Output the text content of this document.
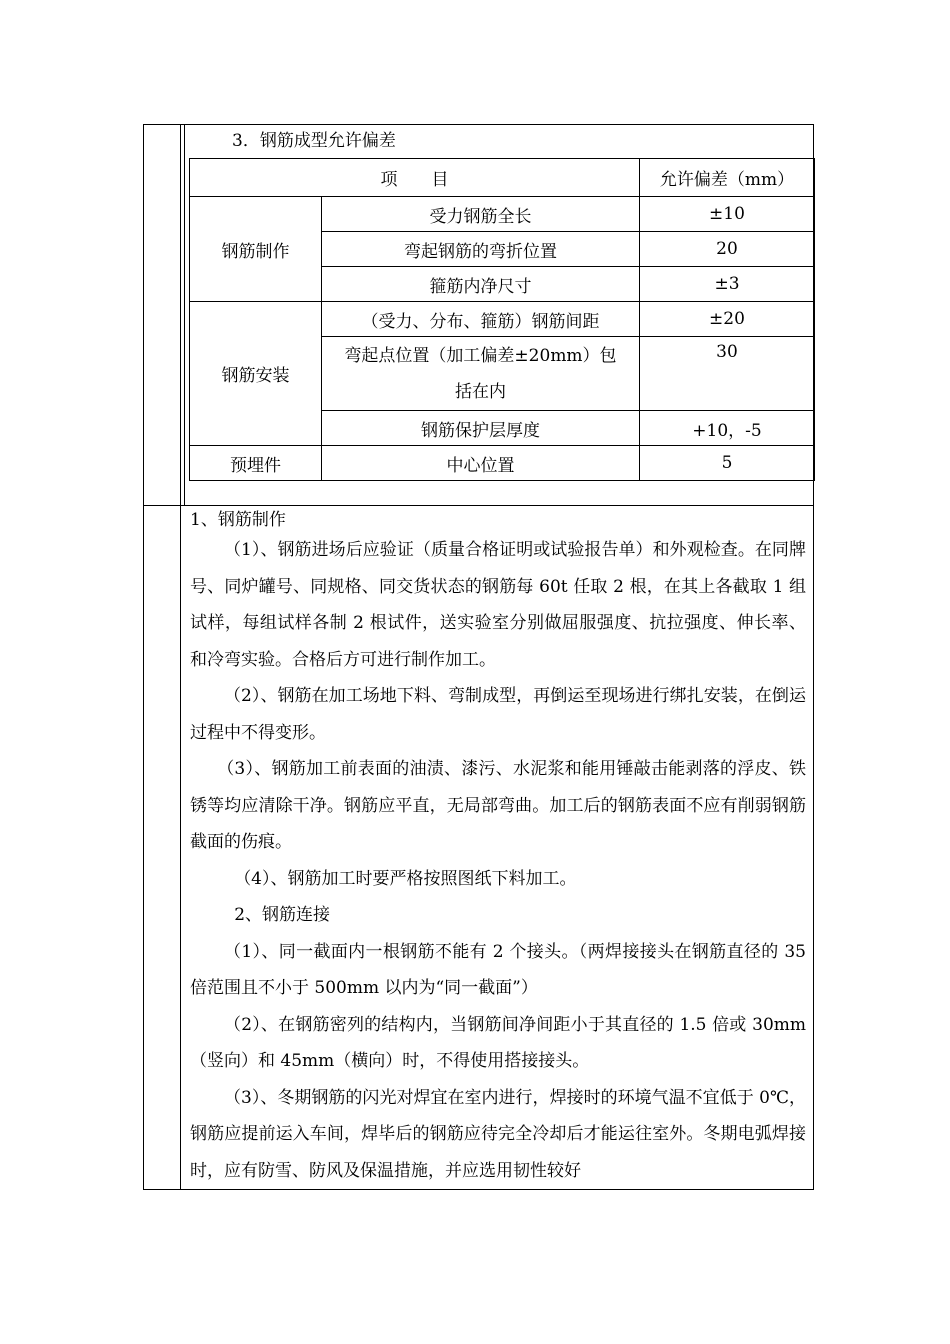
3．钢筋成型允许偏差
项　　目		允许偏差（mm）
钢筋制作	受力钢筋全长	±10
	弯起钢筋的弯折位置	20
	箍筋内净尺寸	±3
钢筋安装	（受力、分布、箍筋）钢筋间距	±20

	弯起点位置（加工偏差±20mm）包
括在内	30
	钢筋保护层厚度	+10，-5
预埋件	中心位置	5

1、钢筋制作

（1）、钢筋进场后应验证（质量合格证明或试验报告单）和外观检查。在同牌号、同炉罐号、同规格、同交货状态的钢筋每 60t 任取 2 根，在其上各截取 1 组试样，每组试样各制 2 根试件，送实验室分别做屈服强度、抗拉强度、伸长率、和冷弯实验。合格后方可进行制作加工。

（2）、钢筋在加工场地下料、弯制成型，再倒运至现场进行绑扎安装，在倒运过程中不得变形。

（3）、钢筋加工前表面的油渍、漆污、水泥浆和能用锤敲击能剥落的浮皮、铁锈等均应清除干净。钢筋应平直，无局部弯曲。加工后的钢筋表面不应有削弱钢筋截面的伤痕。

（4）、钢筋加工时要严格按照图纸下料加工。

2、钢筋连接

（1）、同一截面内一根钢筋不能有 2 个接头。（两焊接接头在钢筋直径的 35 倍范围且不小于 500mm 以内为“同一截面”）

（2）、在钢筋密列的结构内，当钢筋间净间距小于其直径的 1.5 倍或 30mm（竖向）和 45mm（横向）时，不得使用搭接接头。

（3）、冬期钢筋的闪光对焊宜在室内进行，焊接时的环境气温不宜低于 0℃，钢筋应提前运入车间，焊毕后的钢筋应待完全冷却后才能运往室外。冬期电弧焊接时，应有防雪、防风及保温措施，并应选用韧性较好
